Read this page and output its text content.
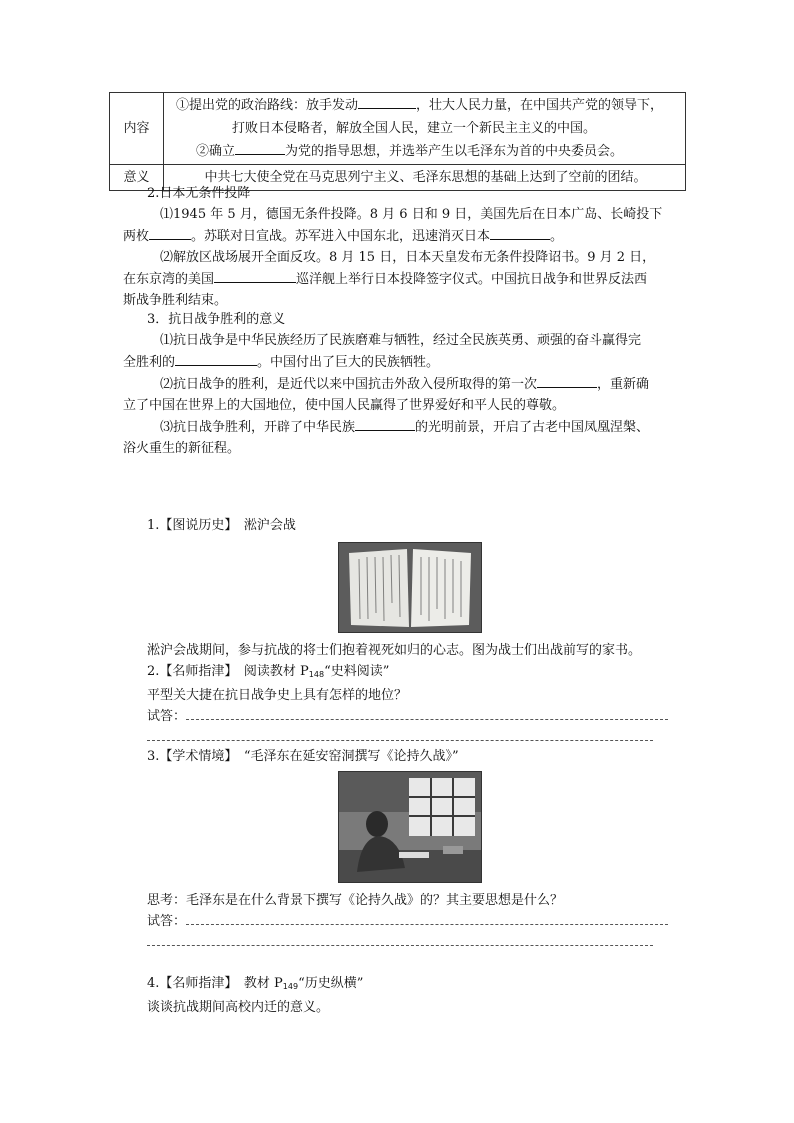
内容	①提出党的政治路线：放手发动 ，壮大人民力量，在中国共产党的领导下，
打败日本侵略者，解放全国人民，建立一个新民主主义的中国。
②确立 为党的指导思想，并选举产生以毛泽东为首的中央委员会。

意义	中共七大使全党在马克思列宁主义、毛泽东思想的基础上达到了空前的团结。

2.日本无条件投降

⑴1945 年 5 月，德国无条件投降。8 月 6 日和 9 日，美国先后在日本广岛、长崎投下

两枚	。苏联对日宣战。苏军进入中国东北，迅速消灭日本	。

⑵解放区战场展开全面反攻。8 月 15 日，日本天皇发布无条件投降诏书。9 月 2 日，

在东京湾的美国	巡洋舰上举行日本投降签字仪式。中国抗日战争和世界反法西

斯战争胜利结束。

3．抗日战争胜利的意义

⑴抗日战争是中华民族经历了民族磨难与牺牲，经过全民族英勇、顽强的奋斗赢得完

全胜利的	。中国付出了巨大的民族牺牲。

⑵抗日战争的胜利，是近代以来中国抗击外敌入侵所取得的第一次	，重新确

立了中国在世界上的大国地位，使中国人民赢得了世界爱好和平人民的尊敬。

⑶抗日战争胜利，开辟了中华民族	的光明前景，开启了古老中国凤凰涅槃、

浴火重生的新征程。

1.【图说历史】　淞沪会战
淞沪会战期间，参与抗战的将士们抱着视死如归的心志。图为战士们出战前写的家书。

2.【名师指津】　阅读教材 $P_{148}“$史料阅读”

平型关大捷在抗日战争史上具有怎样的地位？

试答：

3.【学术情境】　“毛泽东在延安窑洞撰写《论持久战》”

思考：毛泽东是在什么背景下撰写《论持久战》的？其主要思想是什么？

试答：

4.【名师指津】　教材 $P_{149}“$历史纵横”

谈谈抗战期间高校内迁的意义。
